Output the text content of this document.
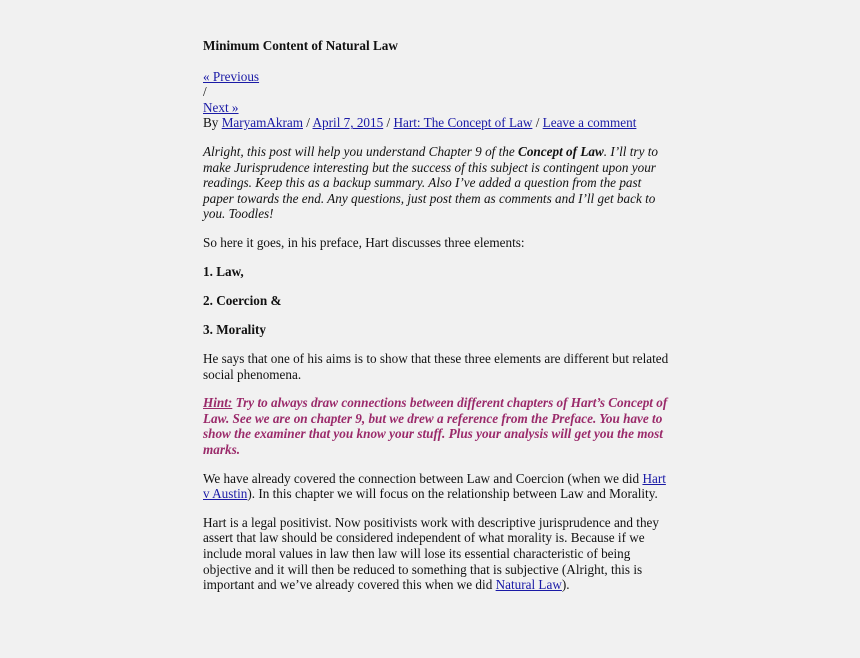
Minimum Content of Natural Law
« Previous
/
Next »
By MaryamAkram / April 7, 2015 / Hart: The Concept of Law / Leave a comment

Alright, this post will help you understand Chapter 9 of the Concept of Law. I’ll try to make Jurisprudence interesting but the success of this subject is contingent upon your readings. Keep this as a backup summary. Also I’ve added a question from the past paper towards the end. Any questions, just post them as comments and I’ll get back to you. Toodles!

So here it goes, in his preface, Hart discusses three elements:

1. Law,
2. Coercion &
3. Morality

He says that one of his aims is to show that these three elements are different but related social phenomena.

Hint: Try to always draw connections between different chapters of Hart’s Concept of Law. See we are on chapter 9, but we drew a reference from the Preface. You have to show the examiner that you know your stuff. Plus your analysis will get you the most marks.

We have already covered the connection between Law and Coercion (when we did Hart v Austin). In this chapter we will focus on the relationship between Law and Morality.

Hart is a legal positivist. Now positivists work with descriptive jurisprudence and they assert that law should be considered independent of what morality is. Because if we include moral values in law then law will lose its essential characteristic of being objective and it will then be reduced to something that is subjective (Alright, this is important and we’ve already covered this when we did Natural Law).
